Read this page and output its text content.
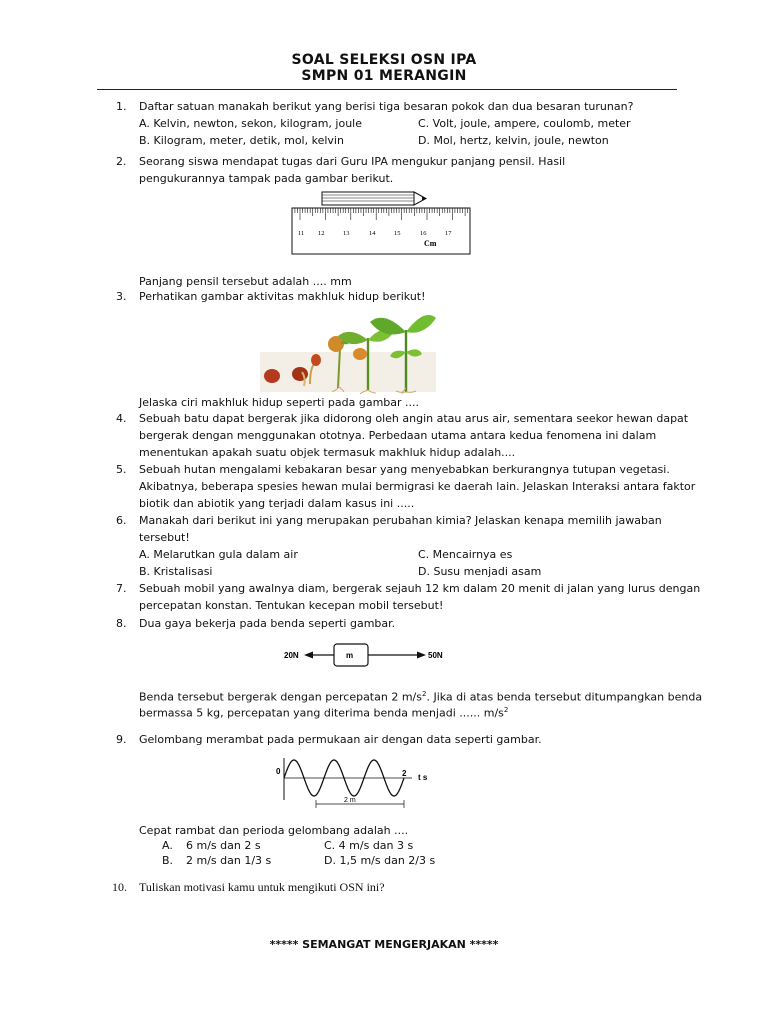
SOAL SELEKSI OSN IPA
SMPN 01 MERANGIN
1. Daftar satuan manakah berikut yang berisi tiga besaran pokok dan dua besaran turunan?
A. Kelvin, newton, sekon, kilogram, joule	C. Volt, joule, ampere, coulomb, meter
B. Kilogram, meter, detik, mol, kelvin	D. Mol, hertz, kelvin, joule, newton
2. Seorang siswa mendapat tugas dari Guru IPA mengukur panjang pensil. Hasil
pengukurannya tampak pada gambar berikut.
11 12	13	14	15	16	17
Cm
Panjang pensil tersebut adalah .... mm
3. Perhatikan gambar aktivitas makhluk hidup berikut!
Jelaska ciri makhluk hidup seperti pada gambar ....
4. Sebuah batu dapat bergerak jika didorong oleh angin atau arus air, sementara seekor hewan dapat
bergerak dengan menggunakan ototnya. Perbedaan utama antara kedua fenomena ini dalam
menentukan apakah suatu objek termasuk makhluk hidup adalah....
5. Sebuah hutan mengalami kebakaran besar yang menyebabkan berkurangnya tutupan vegetasi.
Akibatnya, beberapa spesies hewan mulai bermigrasi ke daerah lain. Jelaskan Interaksi antara faktor
biotik dan abiotik yang terjadi dalam kasus ini .....
6. Manakah dari berikut ini yang merupakan perubahan kimia? Jelaskan kenapa memilih jawaban
tersebut!
A. Melarutkan gula dalam air	C. Mencairnya es
B. Kristalisasi	D. Susu menjadi asam
7. Sebuah mobil yang awalnya diam, bergerak sejauh 12 km dalam 20 menit di jalan yang lurus dengan
percepatan konstan. Tentukan kecepan mobil tersebut!
8. Dua gaya bekerja pada benda seperti gambar.
20N	m	50N
Benda tersebut bergerak dengan percepatan 2 $m/s^2$. Jika di atas benda tersebut ditumpangkan benda
bermassa 5 kg, percepatan yang diterima benda menjadi ...... $m/s^2$
9. Gelombang merambat pada permukaan air dengan data seperti gambar.
0	2 t s
2 m
Cepat rambat dan perioda gelombang adalah ....
A. 6 m/s dan 2 s	C. 4 m/s dan 3 s
B. 2 m/s dan 1/3 s	D. 1,5 m/s dan 2/3 s
10. Tuliskan motivasi kamu untuk mengikuti OSN ini?
***** SEMANGAT MENGERJAKAN *****
